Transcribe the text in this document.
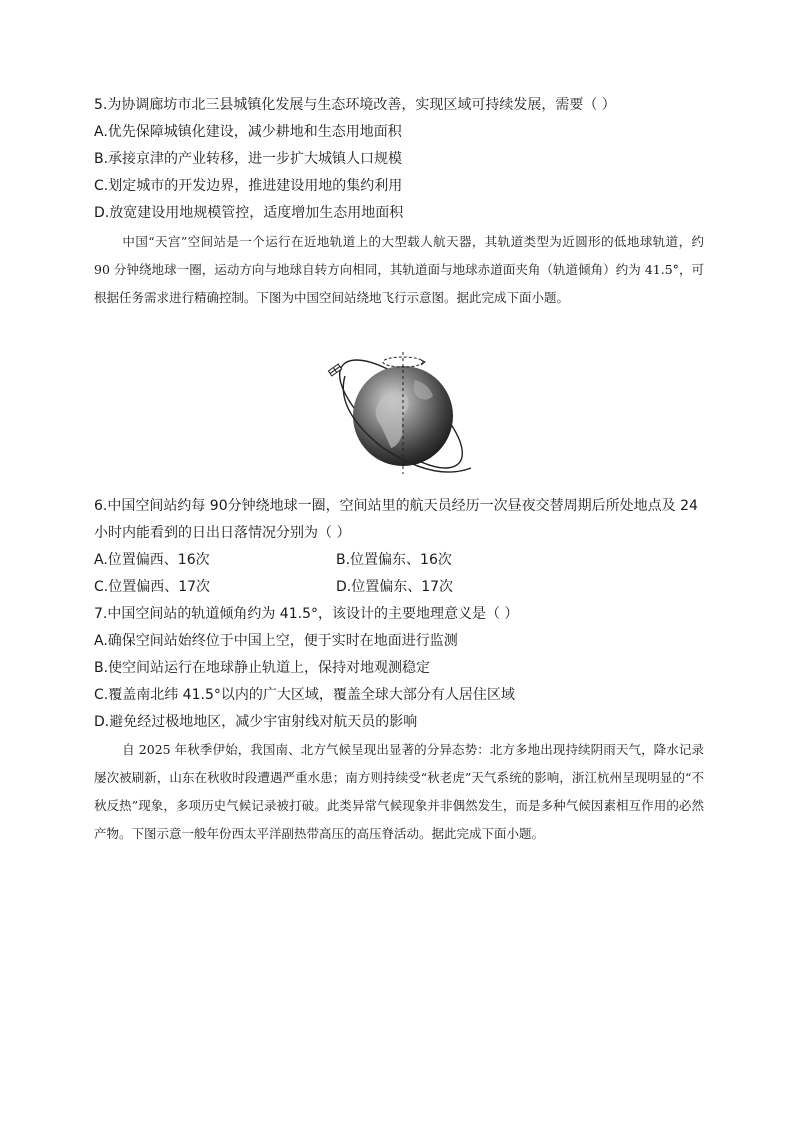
5.为协调廊坊市北三县城镇化发展与生态环境改善，实现区域可持续发展，需要（ ）
A.优先保障城镇化建设，减少耕地和生态用地面积
B.承接京津的产业转移，进一步扩大城镇人口规模
C.划定城市的开发边界，推进建设用地的集约利用
D.放宽建设用地规模管控，适度增加生态用地面积
中国“天宫”空间站是一个运行在近地轨道上的大型载人航天器，其轨道类型为近圆形的低地球轨道，约 90 分钟绕地球一圈，运动方向与地球自转方向相同，其轨道面与地球赤道面夹角（轨道倾角）约为 41.5°，可根据任务需求进行精确控制。下图为中国空间站绕地飞行示意图。据此完成下面小题。
6.中国空间站约每 90分钟绕地球一圈，空间站里的航天员经历一次昼夜交替周期后所处地点及 24
小时内能看到的日出日落情况分别为（ ）
A.位置偏西、16次	B.位置偏东、16次
C.位置偏西、17次	D.位置偏东、17次
7.中国空间站的轨道倾角约为 41.5°，该设计的主要地理意义是（ ）
A.确保空间站始终位于中国上空，便于实时在地面进行监测
B.使空间站运行在地球静止轨道上，保持对地观测稳定
C.覆盖南北纬 41.5°以内的广大区域，覆盖全球大部分有人居住区域
D.避免经过极地地区，减少宇宙射线对航天员的影响
自 2025 年秋季伊始，我国南、北方气候呈现出显著的分异态势：北方多地出现持续阴雨天气，降水记录屡次被刷新，山东在秋收时段遭遇严重水患；南方则持续受“秋老虎”天气系统的影响，浙江杭州呈现明显的“不秋反热”现象，多项历史气候记录被打破。此类异常气候现象并非偶然发生，而是多种气候因素相互作用的必然产物。下图示意一般年份西太平洋副热带高压的高压脊活动。据此完成下面小题。
